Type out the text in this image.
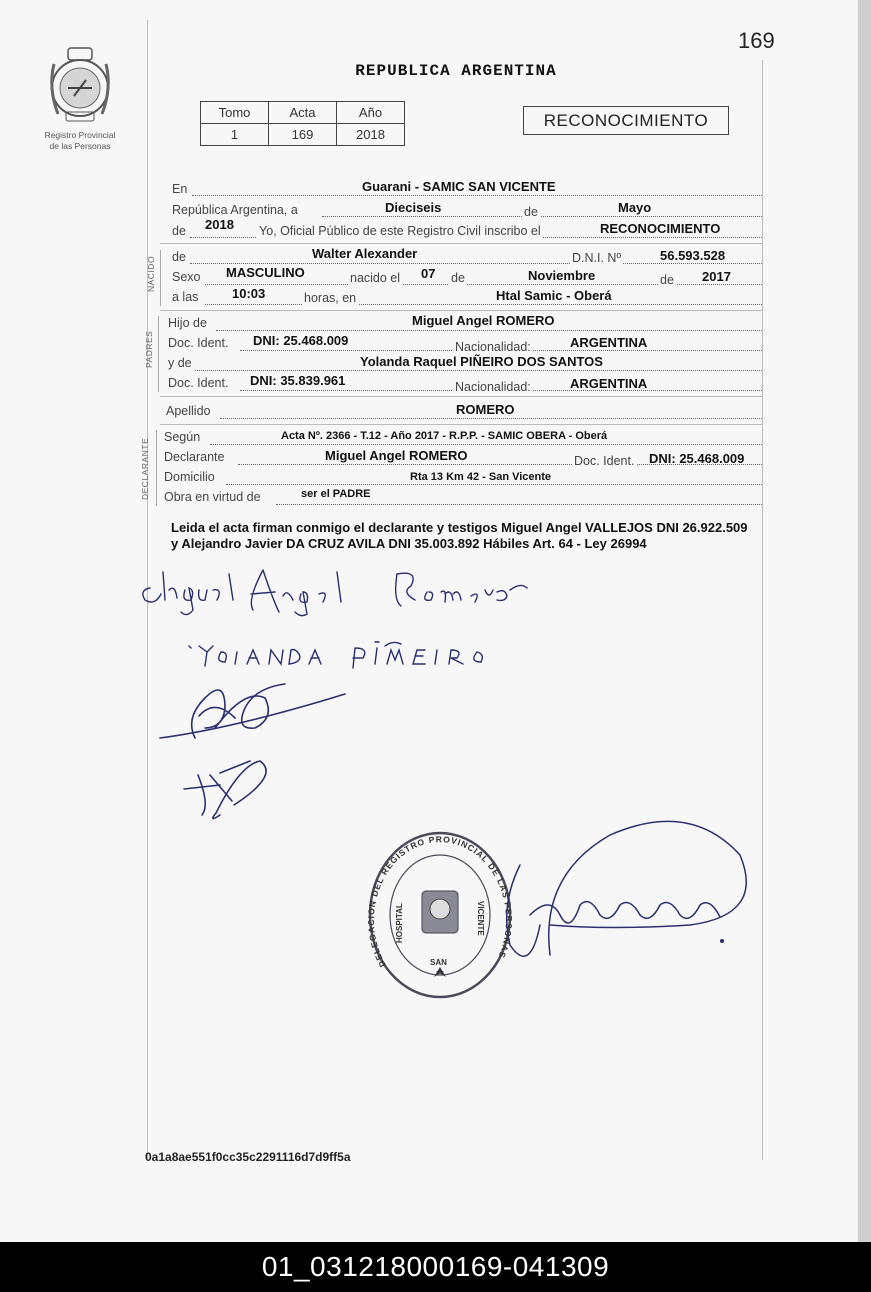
169
Registro Provincial
de las Personas
REPUBLICA ARGENTINA
Tomo	Acta	Año
1	169	2018
RECONOCIMIENTO
En	Guarani - SAMIC SAN VICENTE
República Argentina, a	Dieciseis	de	Mayo
de 2018 Yo, Oficial Público de este Registro Civil inscribo el	RECONOCIMIENTO
NACIDO de	Walter Alexander	D.N.I. Nº	56.593.528
Sexo MASCULINO	nacido el 07 de	Noviembre	de 2017
a las	10:03	horas, en	Htal Samic - Oberá
PADRES
Hijo de	Miguel Angel ROMERO
Doc. Ident. DNI: 25.468.009	Nacionalidad:	ARGENTINA
y de	Yolanda Raquel PIÑEIRO DOS SANTOS
Doc. Ident. DNI: 35.839.961	Nacionalidad:	ARGENTINA
Apellido	ROMERO
DECLARANTE
Según	Acta Nº. 2366 - T.12 - Año 2017 - R.P.P. - SAMIC OBERA - Oberá
Declarante	Miguel Angel ROMERO	Doc. Ident. DNI: 25.468.009
Domicilio	Rta 13 Km 42 - San Vicente
Obra en virtud de	ser el PADRE
Leida el acta firman conmigo el declarante y testigos Miguel Angel VALLEJOS DNI 26.922.509 y Alejandro Javier DA CRUZ AVILA DNI 35.003.892 Hábiles Art. 64 - Ley 26994
DELEGACION DEL REGISTRO PROVINCIAL DE LAS PERSONAS
HOSPITAL	VICENTE
SAN
0a1a8ae551f0cc35c2291116d7d9ff5a
01_031218000169-041309
